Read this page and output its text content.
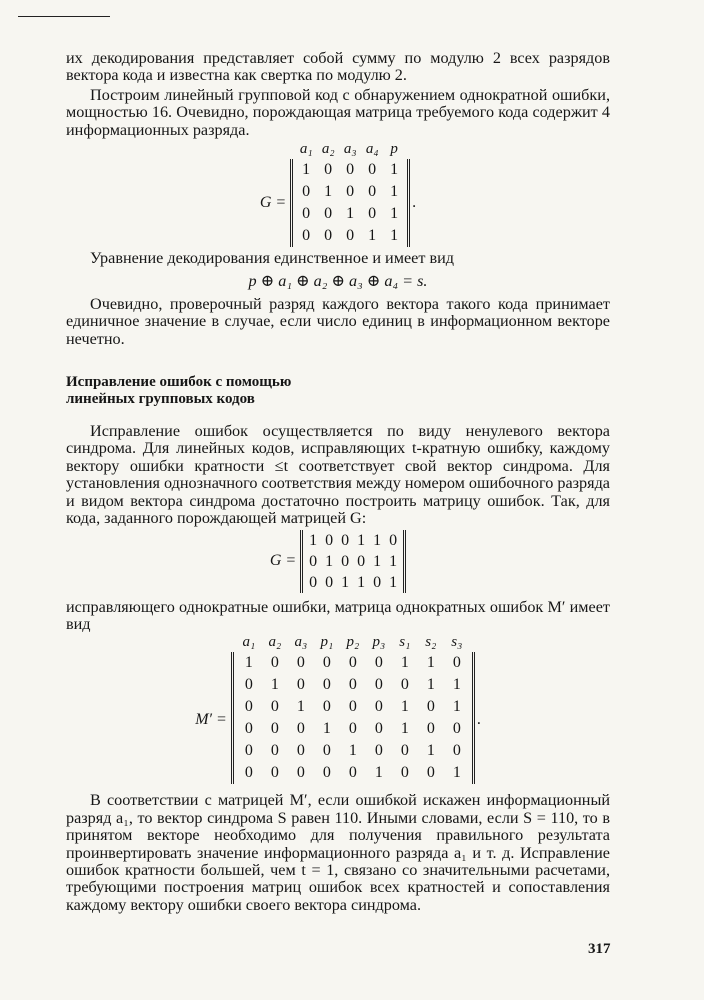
их декодирования представляет собой сумму по модулю 2 всех разрядов вектора кода и известна как свертка по модулю 2.

Построим линейный групповой код с обнаружением однократной ошибки, мощностью 16. Очевидно, порождающая матрица требуемого кода содержит 4 информационных разряда.

G =
a₁ a₂ a₃ a₄ p
1 0 0 0 1
0 1 0 0 1
0 0 1 0 1
0 0 0 1 1
.

Уравнение декодирования единственное и имеет вид

p ⊕ a₁ ⊕ a₂ ⊕ a₃ ⊕ a₄ = s.

Очевидно, проверочный разряд каждого вектора такого кода принимает единичное значение в случае, если число единиц в информационном векторе нечетно.

Исправление ошибок с помощью
линейных групповых кодов

Исправление ошибок осуществляется по виду ненулевого вектора синдрома. Для линейных кодов, исправляющих t-кратную ошибку, каждому вектору ошибки кратности ≤t соответствует свой вектор синдрома. Для установления однозначного соответствия между номером ошибочного разряда и видом вектора синдрома достаточно построить матрицу ошибок. Так, для кода, заданного порождающей матрицей G:

G =
1 0 0 1 1 0
0 1 0 0 1 1
0 0 1 1 0 1

исправляющего однократные ошибки, матрица однократных ошибок M′ имеет вид

M′ =
a₁ a₂ a₃ p₁ p₂ p₃ s₁ s₂ s₃
1	0	0	0	0	0	1	1	0
0	1	0	0	0	0	0	1	1
0	0	1	0	0	0	1	0	1
0	0	0	1	0	0	1	0	0
0	0	0	0	1	0	0	1	0
0	0	0	0	0	1	0	0	1
.

В соответствии с матрицей M′, если ошибкой искажен информационный разряд a₁, то вектор синдрома S равен 110. Иными словами, если S = 110, то в принятом векторе необходимо для получения правильного результата проинвертировать значение информационного разряда a₁ и т. д. Исправление ошибок кратности большей, чем t = 1, связано со значительными расчетами, требующими построения матриц ошибок всех кратностей и сопоставления каждому вектору ошибки своего вектора синдрома.

317
